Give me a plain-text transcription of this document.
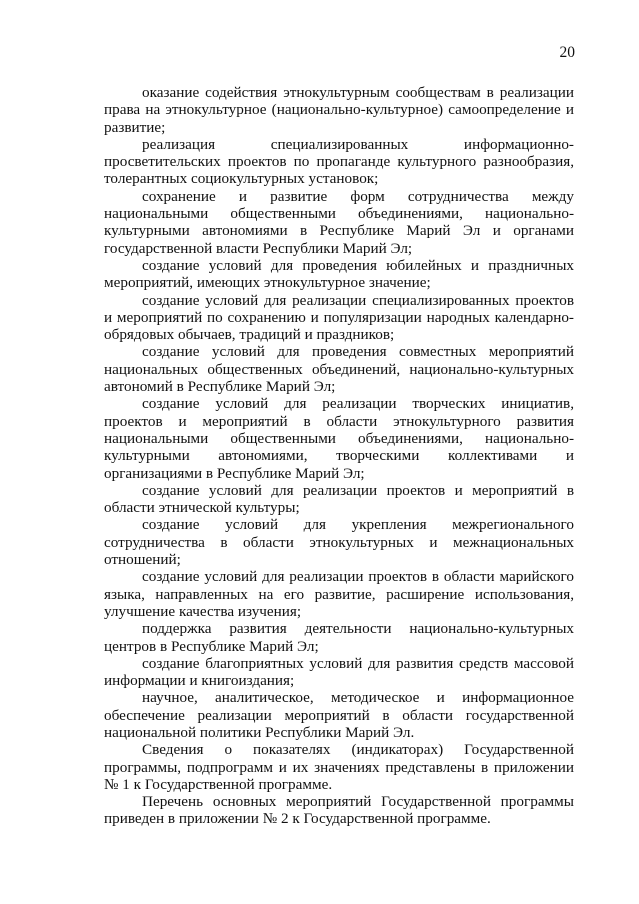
20

оказание содействия этнокультурным сообществам в реализации права на этнокультурное (национально-культурное) самоопределение и развитие;

реализация специализированных информационно-просветительских проектов по пропаганде культурного разнообразия, толерантных социокультурных установок;

сохранение и развитие форм сотрудничества между национальными общественными объединениями, национально-культурными автономиями в Республике Марий Эл и органами государственной власти Республики Марий Эл;

создание условий для проведения юбилейных и праздничных мероприятий, имеющих этнокультурное значение;

создание условий для реализации специализированных проектов и мероприятий по сохранению и популяризации народных календарно-обрядовых обычаев, традиций и праздников;

создание условий для проведения совместных мероприятий национальных общественных объединений, национально-культурных автономий в Республике Марий Эл;

создание условий для реализации творческих инициатив, проектов и мероприятий в области этнокультурного развития национальными общественными объединениями, национально-культурными автономиями, творческими коллективами и организациями в Республике Марий Эл;

создание условий для реализации проектов и мероприятий в области этнической культуры;

создание условий для укрепления межрегионального сотрудничества в области этнокультурных и межнациональных отношений;

создание условий для реализации проектов в области марийского языка, направленных на его развитие, расширение использования, улучшение качества изучения;

поддержка развития деятельности национально-культурных центров в Республике Марий Эл;

создание благоприятных условий для развития средств массовой информации и книгоиздания;

научное, аналитическое, методическое и информационное обеспечение реализации мероприятий в области государственной национальной политики Республики Марий Эл.

Сведения о показателях (индикаторах) Государственной программы, подпрограмм и их значениях представлены в приложении № 1 к Государственной программе.

Перечень основных мероприятий Государственной программы приведен в приложении № 2 к Государственной программе.
